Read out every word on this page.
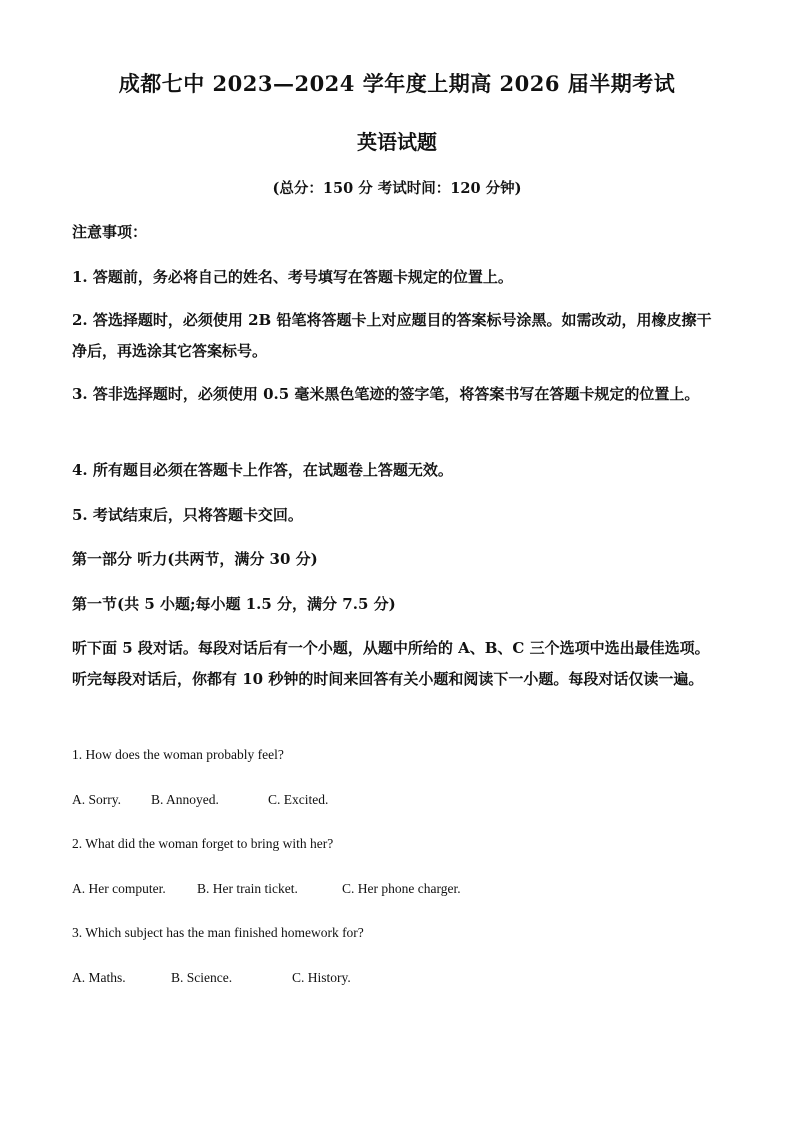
成都七中 2023—2024 学年度上期高 2026 届半期考试
英语试题
(总分：150 分 考试时间：120 分钟)
注意事项：
1. 答题前，务必将自己的姓名、考号填写在答题卡规定的位置上。
2. 答选择题时，必须使用 2B 铅笔将答题卡上对应题目的答案标号涂黑。如需改动，用橡皮擦干净后，再选涂其它答案标号。
3. 答非选择题时，必须使用 0.5 毫米黑色笔迹的签字笔，将答案书写在答题卡规定的位置上。
4. 所有题目必须在答题卡上作答，在试题卷上答题无效。
5. 考试结束后，只将答题卡交回。
第一部分 听力(共两节，满分 30 分)
第一节(共 5 小题;每小题 1.5 分，满分 7.5 分)
听下面 5 段对话。每段对话后有一个小题，从题中所给的 A、B、C 三个选项中选出最佳选项。听完每段对话后，你都有 10 秒钟的时间来回答有关小题和阅读下一小题。每段对话仅读一遍。
1. How does the woman probably feel?
A. Sorry. B. Annoyed.	C. Excited.
2. What did the woman forget to bring with her?
A. Her computer. B. Her train ticket.	C. Her phone charger.
3. Which subject has the man finished homework for?
A. Maths.	B. Science.	C. History.
